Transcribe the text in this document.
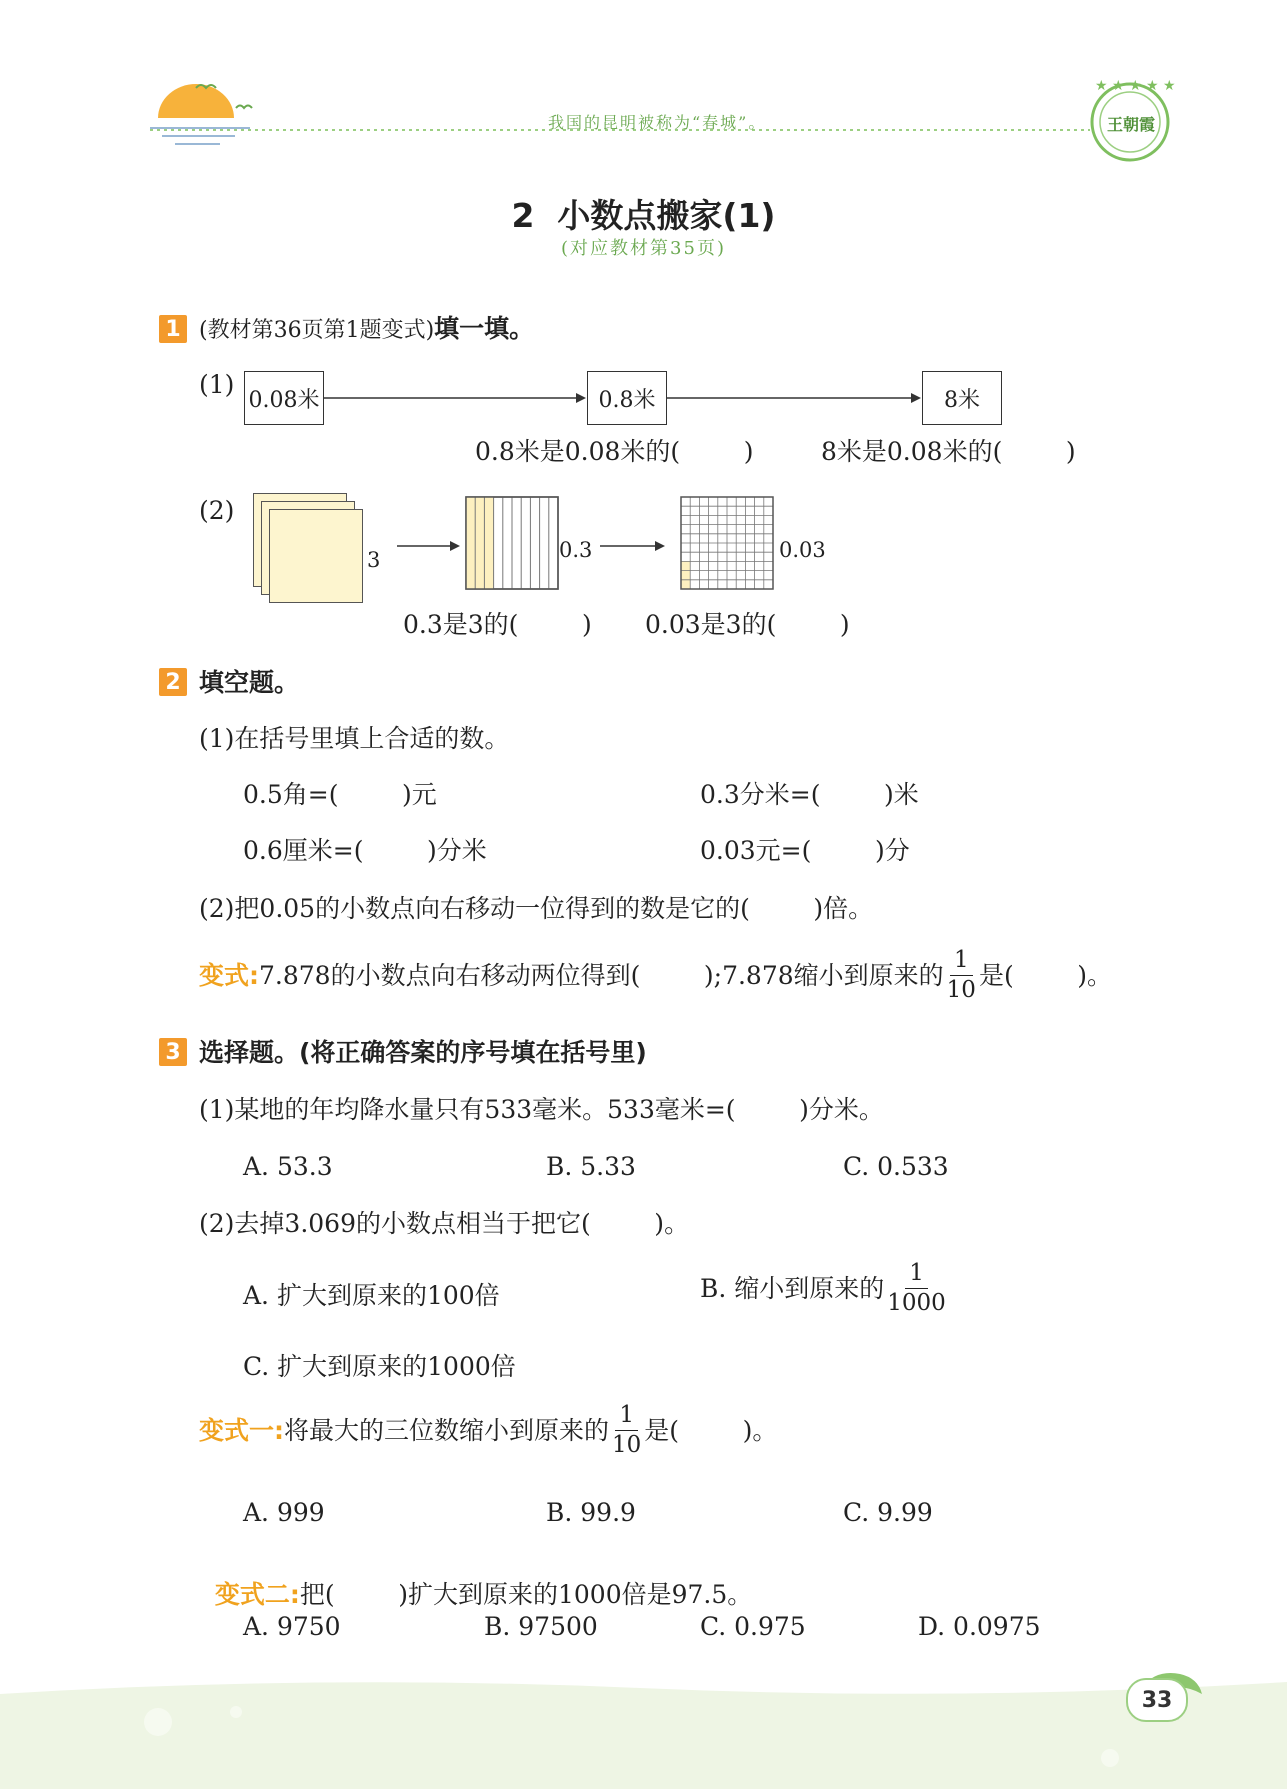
★ ★ ★ ★ ★
我国的昆明被称为“春城”。	王朝霞
2  小数点搬家(1)
(对应教材第35页)
1 (教材第36页第1题变式)填一填。
(1)
0.08米	0.8米	8米
0.8米是0.08米的(        )	8米是0.08米的(        )
(2)
3	0.3	0.03
0.3是3的(        ) 0.03是3的(        )
2 填空题。
(1)在括号里填上合适的数。
0.5角=(        )元	0.3分米=(        )米
0.6厘米=(        )分米	0.03元=(        )分
(2)把0.05的小数点向右移动一位得到的数是它的(        )倍。
变式: 7.878的小数点向右移动两位得到(        );7.878缩小到原来的 $\frac{1}{10}$ 是(        )。
3 选择题。(将正确答案的序号填在括号里)
(1)某地的年均降水量只有533毫米。533毫米=(        )分米。
A. 53.3	B. 5.33	C. 0.533
(2)去掉3.069的小数点相当于把它(        )。
A. 扩大到原来的100倍	B. 缩小到原来的 $\frac{1}{1000}$
C. 扩大到原来的1000倍
变式一: 将最大的三位数缩小到原来的 $\frac{1}{10}$ 是(        )。
A. 999	B. 99.9	C. 9.99

变式二:把(        )扩大到原来的1000倍是97.5。

A. 9750	B. 97500	C. 0.975	D. 0.0975
33
